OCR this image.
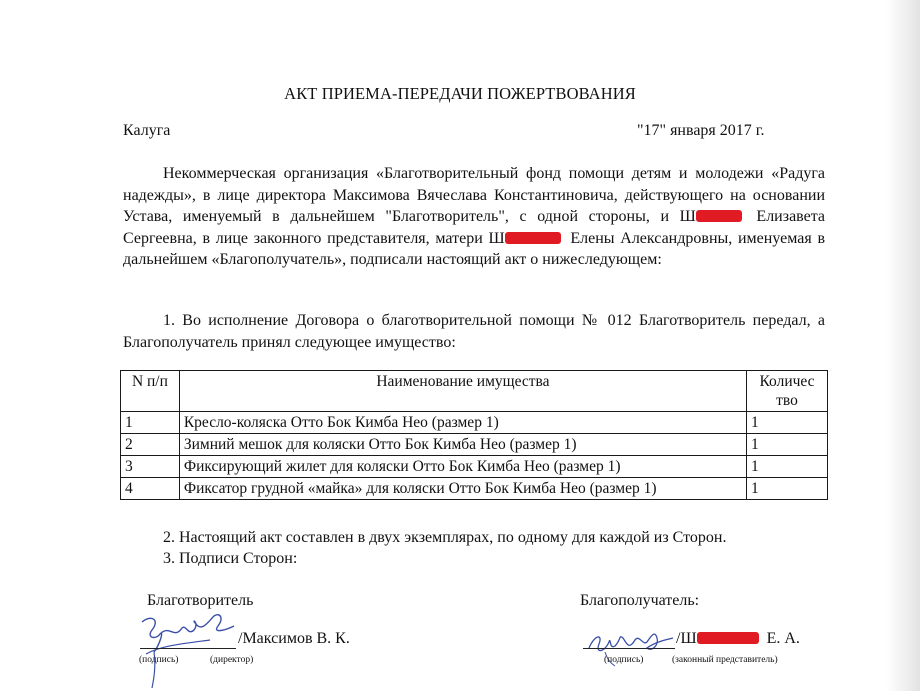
АКТ ПРИЕМА-ПЕРЕДАЧИ ПОЖЕРТВОВАНИЯ
Калуга	"17" января 2017 г.
Некоммерческая организация «Благотворительный фонд помощи детям и молодежи «Радуга надежды», в лице директора Максимова Вячеслава Константиновича, действующего на основании Устава, именуемый в дальнейшем "Благотворитель", с одной стороны, и Ш	Елизавета Сергеевна, в лице законного представителя, матери Ш	Елены Александровны, именуемая в дальнейшем «Благополучатель», подписали настоящий акт о нижеследующем:
1. Во исполнение Договора о благотворительной помощи № 012 Благотворитель передал, а Благополучатель принял следующее имущество:
N п/п	Наименование имущества	Количес тво
1	Кресло-коляска Отто Бок Кимба Нео (размер 1)	1
2	Зимний мешок для коляски Отто Бок Кимба Нео (размер 1)	1
3	Фиксирующий жилет для коляски Отто Бок Кимба Нео (размер 1)	1
4	Фиксатор грудной «майка» для коляски Отто Бок Кимба Нео (размер 1)	1
2. Настоящий акт составлен в двух экземплярах, по одному для каждой из Сторон.
3. Подписи Сторон:
Благотворитель	Благополучатель:
/Максимов В. К.	/Ш	Е. А.
(подпись)	(директор)	(подпись)	(законный представитель)
